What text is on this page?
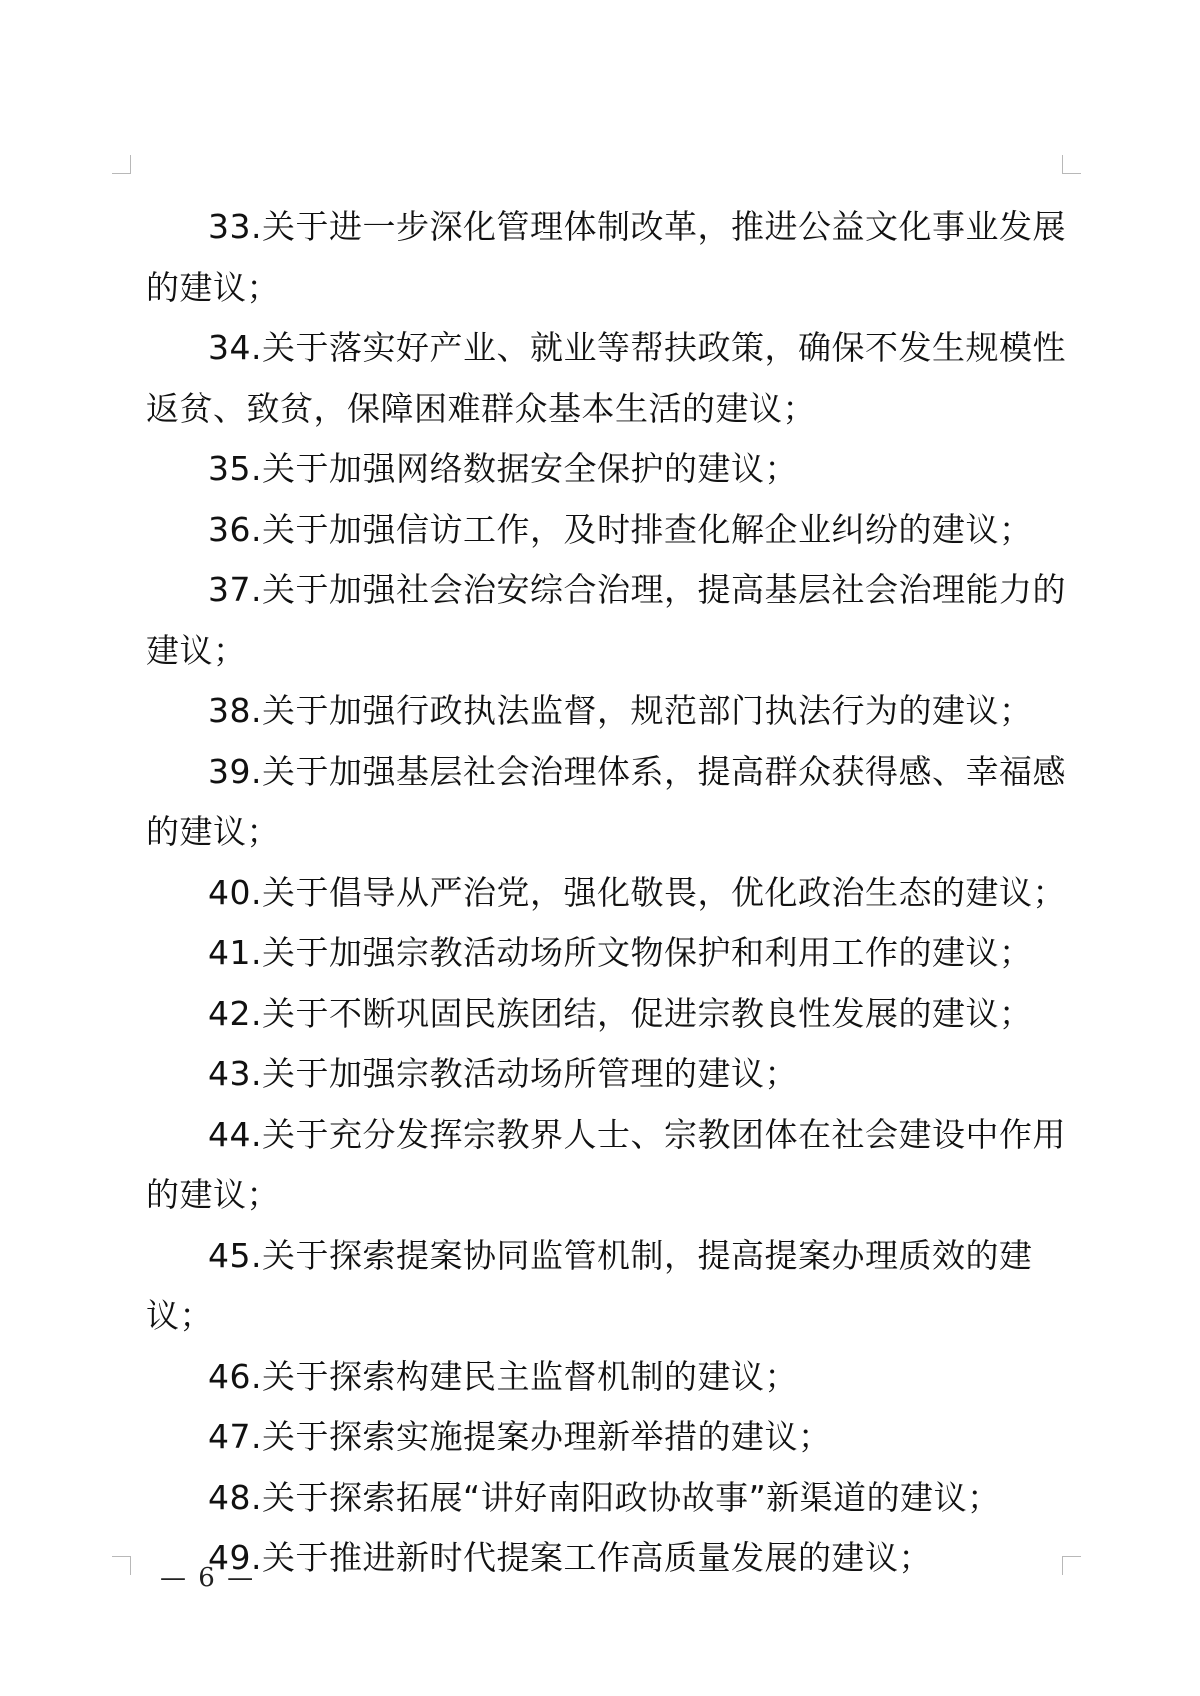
33.关于进一步深化管理体制改革，推进公益文化事业发展的建议；

34.关于落实好产业、就业等帮扶政策，确保不发生规模性返贫、致贫，保障困难群众基本生活的建议；

35.关于加强网络数据安全保护的建议；

36.关于加强信访工作，及时排查化解企业纠纷的建议；

37.关于加强社会治安综合治理，提高基层社会治理能力的建议；

38.关于加强行政执法监督，规范部门执法行为的建议；

39.关于加强基层社会治理体系，提高群众获得感、幸福感的建议；

40.关于倡导从严治党，强化敬畏，优化政治生态的建议；

41.关于加强宗教活动场所文物保护和利用工作的建议；

42.关于不断巩固民族团结，促进宗教良性发展的建议；

43.关于加强宗教活动场所管理的建议；

44.关于充分发挥宗教界人士、宗教团体在社会建设中作用的建议；

45.关于探索提案协同监管机制，提高提案办理质效的建议；

46.关于探索构建民主监督机制的建议；

47.关于探索实施提案办理新举措的建议；

48.关于探索拓展“讲好南阳政协故事”新渠道的建议；

49.关于推进新时代提案工作高质量发展的建议；

— 6 —
